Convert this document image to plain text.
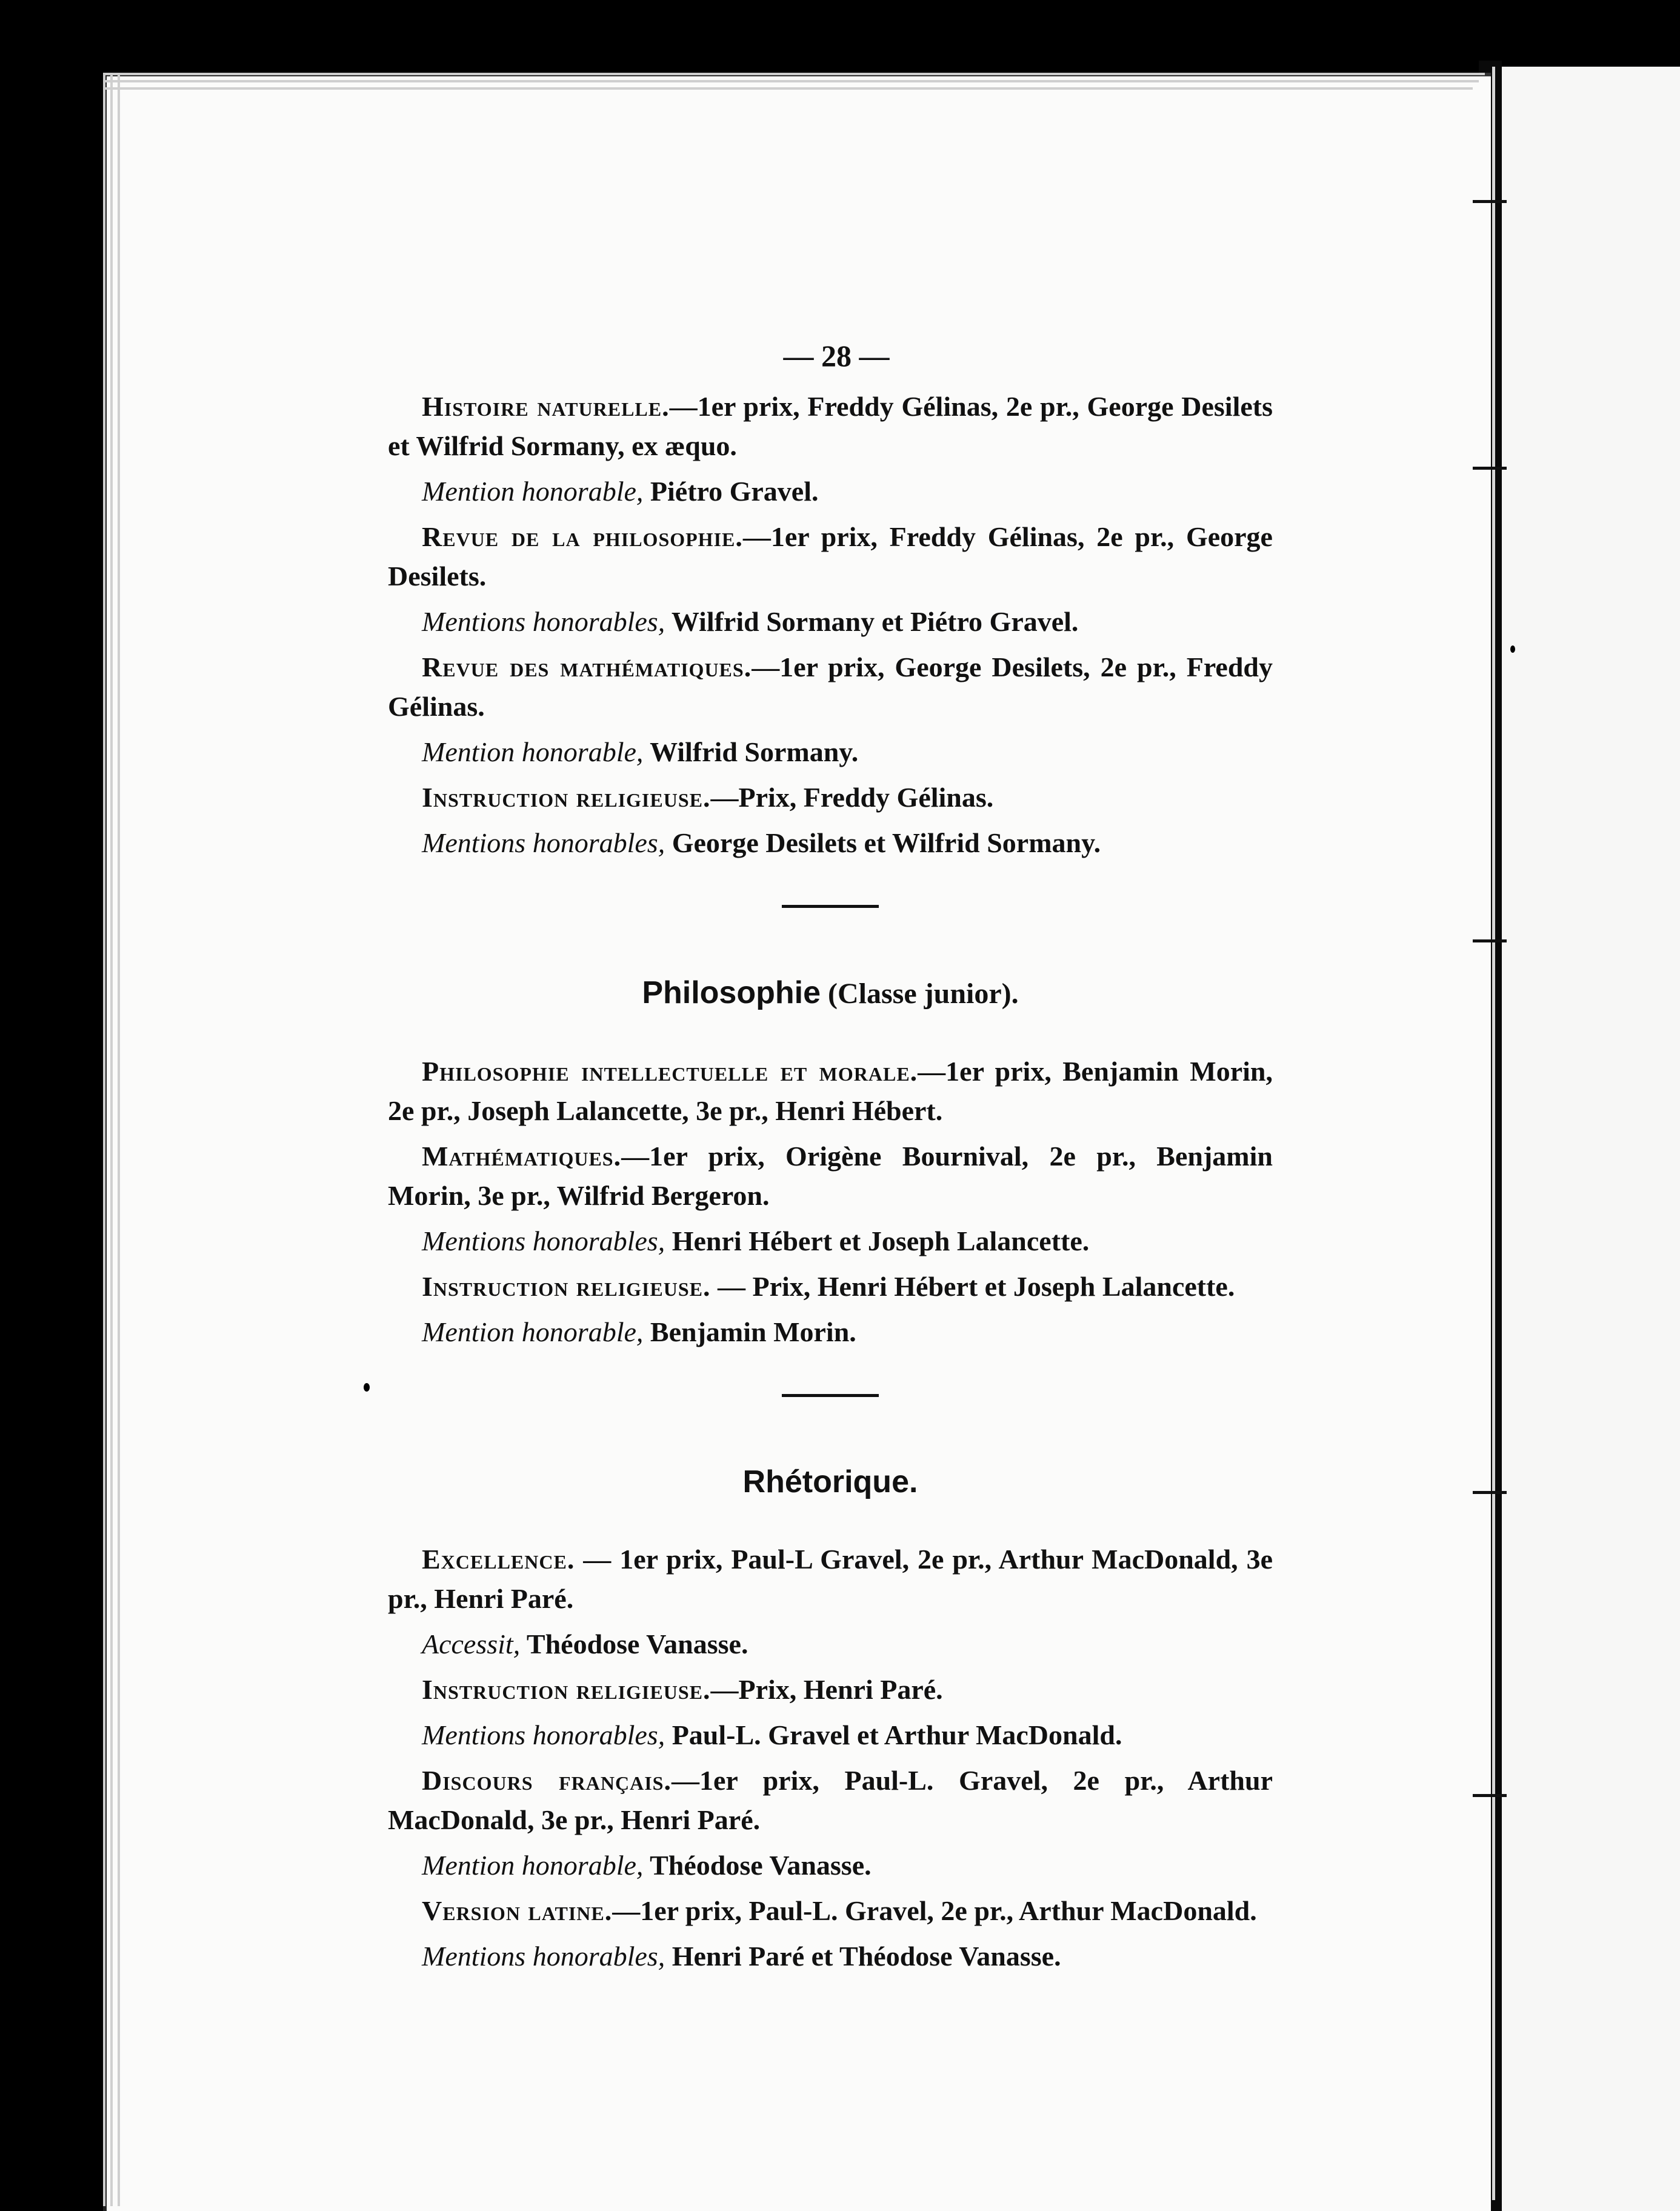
— 28 —

Histoire naturelle.—1er prix, Freddy Gélinas, 2e pr., George Desilets et Wilfrid Sormany, ex æquo.

Mention honorable, Piétro Gravel.

Revue de la philosophie.—1er prix, Freddy Gélinas, 2e pr., George Desilets.

Mentions honorables, Wilfrid Sormany et Piétro Gravel.

Revue des mathématiques.—1er prix, George Desilets, 2e pr., Freddy Gélinas.

Mention honorable, Wilfrid Sormany.

Instruction religieuse.—Prix, Freddy Gélinas.

Mentions honorables, George Desilets et Wilfrid Sormany.

Philosophie (Classe junior).

Philosophie intellectuelle et morale.—1er prix, Benjamin Morin, 2e pr., Joseph Lalancette, 3e pr., Henri Hébert.

Mathématiques.—1er prix, Origène Bournival, 2e pr., Benjamin Morin, 3e pr., Wilfrid Bergeron.

Mentions honorables, Henri Hébert et Joseph Lalancette.

Instruction religieuse. — Prix, Henri Hébert et Joseph Lalancette.

Mention honorable, Benjamin Morin.

Rhétorique.

Excellence. — 1er prix, Paul-L Gravel, 2e pr., Arthur MacDonald, 3e pr., Henri Paré.

Accessit, Théodose Vanasse.

Instruction religieuse.—Prix, Henri Paré.

Mentions honorables, Paul-L. Gravel et Arthur MacDonald.

Discours français.—1er prix, Paul-L. Gravel, 2e pr., Arthur MacDonald, 3e pr., Henri Paré.

Mention honorable, Théodose Vanasse.

Version latine.—1er prix, Paul-L. Gravel, 2e pr., Arthur MacDonald.

Mentions honorables, Henri Paré et Théodose Vanasse.
